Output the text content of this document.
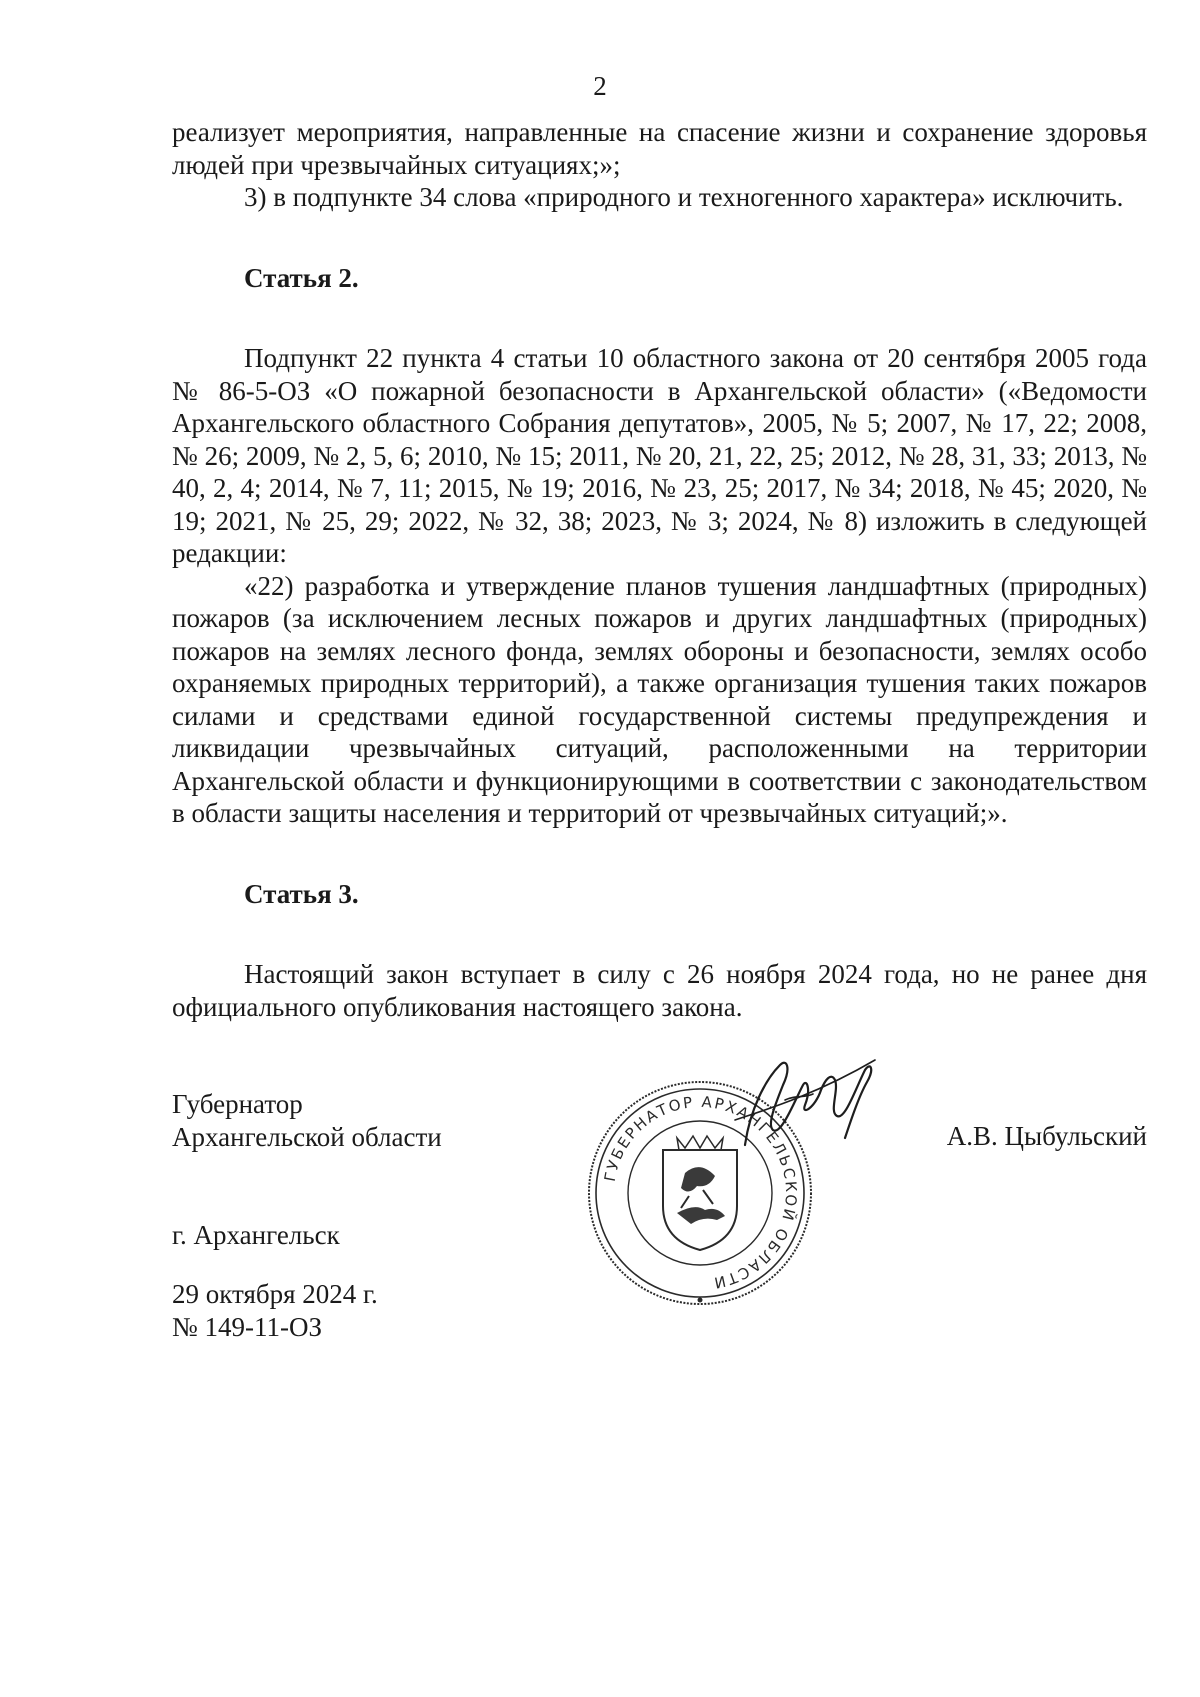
2

реализует мероприятия, направленные на спасение жизни и сохранение здоровья людей при чрезвычайных ситуациях;»;

3) в подпункте 34 слова «природного и техногенного характера» исключить.

Статья 2.

Подпункт 22 пункта 4 статьи 10 областного закона от 20 сентября 2005 года № 86-5-ОЗ «О пожарной безопасности в Архангельской области» («Ведомости Архангельского областного Собрания депутатов», 2005, № 5; 2007, № 17, 22; 2008, № 26; 2009, № 2, 5, 6; 2010, № 15; 2011, № 20, 21, 22, 25; 2012, № 28, 31, 33; 2013, № 40, 2, 4; 2014, № 7, 11; 2015, № 19; 2016, № 23, 25; 2017, № 34; 2018, № 45; 2020, № 19; 2021, № 25, 29; 2022, № 32, 38; 2023, № 3; 2024, № 8) изложить в следующей редакции:

«22) разработка и утверждение планов тушения ландшафтных (природных) пожаров (за исключением лесных пожаров и других ландшафтных (природных) пожаров на землях лесного фонда, землях обороны и безопасности, землях особо охраняемых природных территорий), а также организация тушения таких пожаров силами и средствами единой государственной системы предупреждения и ликвидации чрезвычайных ситуаций, расположенными на территории Архангельской области и функционирующими в соответствии с законодательством в области защиты населения и территорий от чрезвычайных ситуаций;».

Статья 3.

Настоящий закон вступает в силу с 26 ноября 2024 года, но не ранее дня официального опубликования настоящего закона.

Губернатор
Архангельской области	А.В. Цыбульский
г. Архангельск
29 октября 2024 г.
№ 149-11-ОЗ
ГУБЕРНАТОР АРХАНГЕЛЬСКОЙ ОБЛАСТИ
